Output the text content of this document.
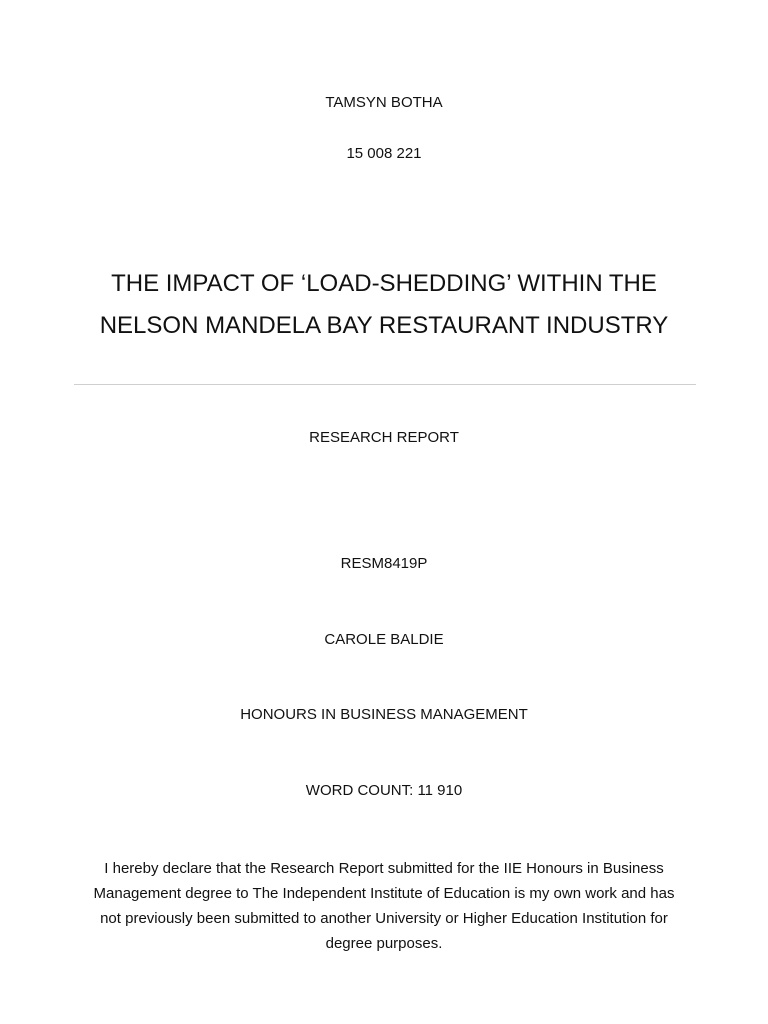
TAMSYN BOTHA
15 008 221
THE IMPACT OF ‘LOAD-SHEDDING’ WITHIN THE
NELSON MANDELA BAY RESTAURANT INDUSTRY
RESEARCH REPORT
RESM8419P
CAROLE BALDIE
HONOURS IN BUSINESS MANAGEMENT
WORD COUNT: 11 910
I hereby declare that the Research Report submitted for the IIE Honours in Business
Management degree to The Independent Institute of Education is my own work and has
not previously been submitted to another University or Higher Education Institution for
degree purposes.
